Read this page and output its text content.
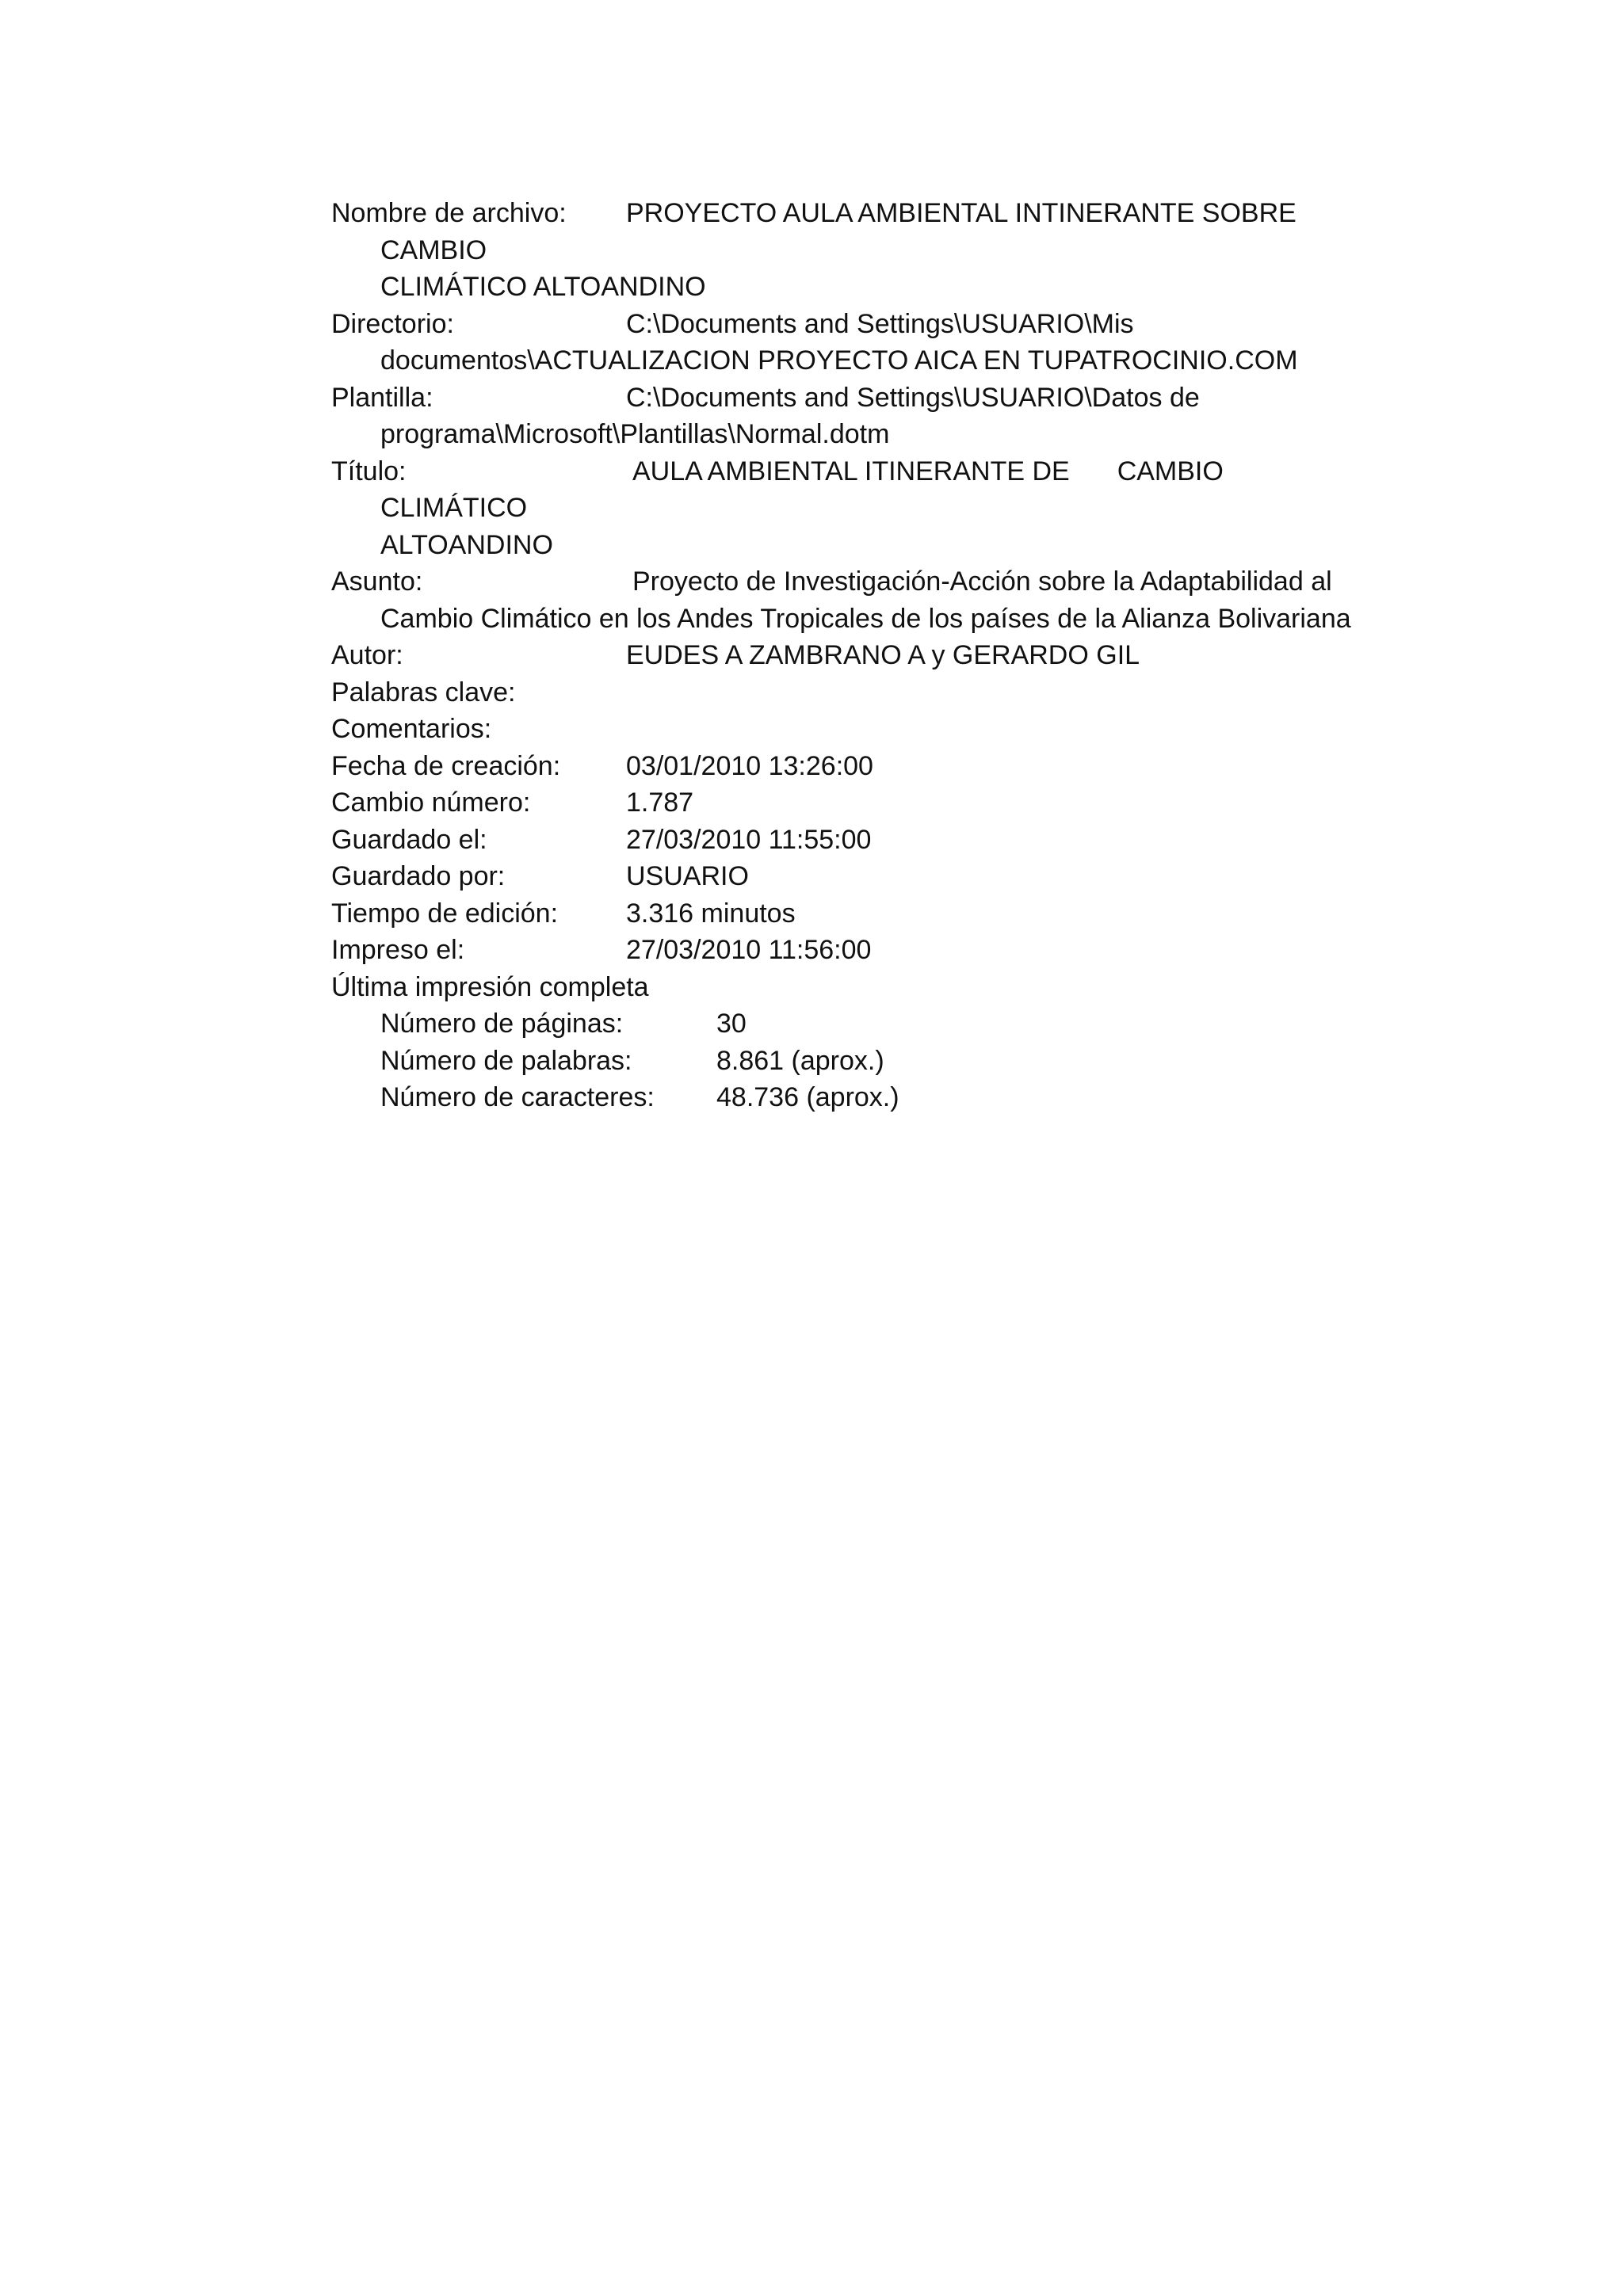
Nombre de archivo: PROYECTO AULA AMBIENTAL INTINERANTE SOBRE CAMBIO
CLIMÁTICO ALTOANDINO
Directorio:	C:\Documents and Settings\USUARIO\Mis
documentos\ACTUALIZACION PROYECTO AICA EN TUPATROCINIO.COM
Plantilla:	C:\Documents and Settings\USUARIO\Datos de
programa\Microsoft\Plantillas\Normal.dotm
Título:	AULA AMBIENTAL ITINERANTE DE CAMBIO CLIMÁTICO
ALTOANDINO
Asunto:	Proyecto de Investigación-Acción sobre la Adaptabilidad al
Cambio Climático en los Andes Tropicales de los países de la Alianza Bolivariana
Autor:	EUDES A ZAMBRANO A y GERARDO GIL
Palabras clave:
Comentarios:
Fecha de creación: 03/01/2010 13:26:00
Cambio número:	1.787
Guardado el:	27/03/2010 11:55:00
Guardado por:	USUARIO
Tiempo de edición:	3.316 minutos
Impreso el:	27/03/2010 11:56:00
Última impresión completa
Número de páginas:	30
Número de palabras:	8.861 (aprox.)
Número de caracteres: 48.736 (aprox.)
